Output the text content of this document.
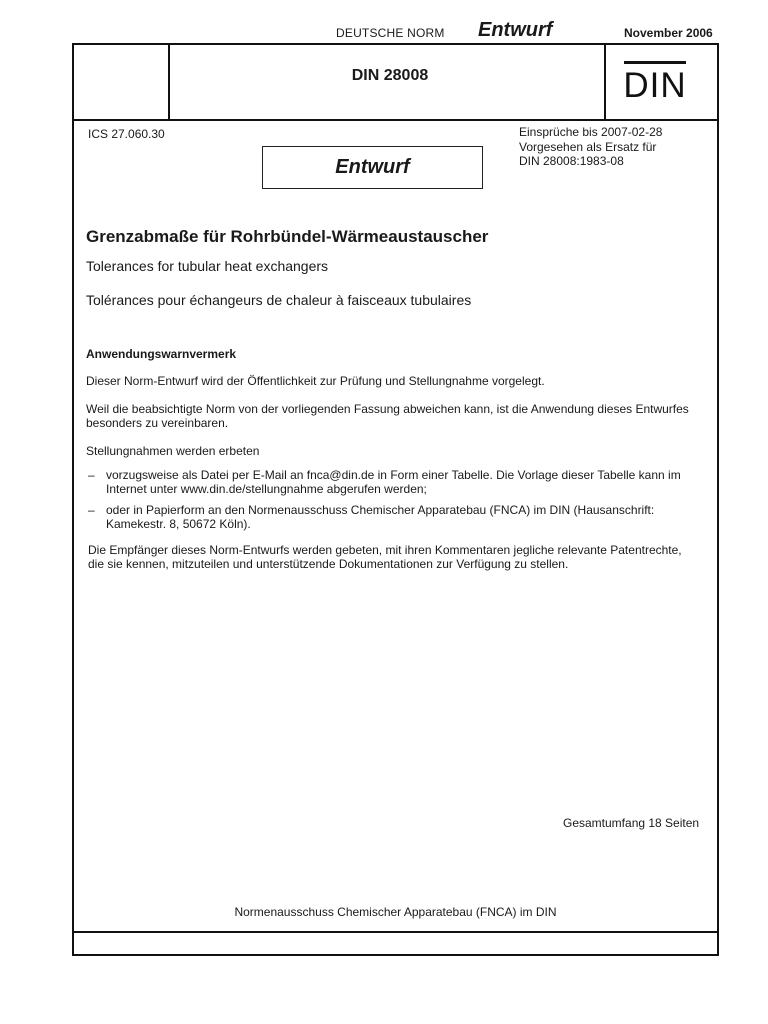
DEUTSCHE NORM Entwurf	November 2006
DIN 28008	DIN
ICS 27.060.30	Einsprüche bis 2007-02-28
Vorgesehen als Ersatz für
DIN 28008:1983-08
Entwurf
Grenzabmaße für Rohrbündel-Wärmeaustauscher
Tolerances for tubular heat exchangers
Tolérances pour échangeurs de chaleur à faisceaux tubulaires
Anwendungswarnvermerk
Dieser Norm-Entwurf wird der Öffentlichkeit zur Prüfung und Stellungnahme vorgelegt.
Weil die beabsichtigte Norm von der vorliegenden Fassung abweichen kann, ist die Anwendung dieses Entwurfes besonders zu vereinbaren.
Stellungnahmen werden erbeten
– vorzugsweise als Datei per E-Mail an fnca@din.de in Form einer Tabelle. Die Vorlage dieser Tabelle kann im Internet unter www.din.de/stellungnahme abgerufen werden;
– oder in Papierform an den Normenausschuss Chemischer Apparatebau (FNCA) im DIN (Hausanschrift: Kamekestr. 8, 50672 Köln).
Die Empfänger dieses Norm-Entwurfs werden gebeten, mit ihren Kommentaren jegliche relevante Patentrechte, die sie kennen, mitzuteilen und unterstützende Dokumentationen zur Verfügung zu stellen.
Gesamtumfang 18 Seiten
Normenausschuss Chemischer Apparatebau (FNCA) im DIN
